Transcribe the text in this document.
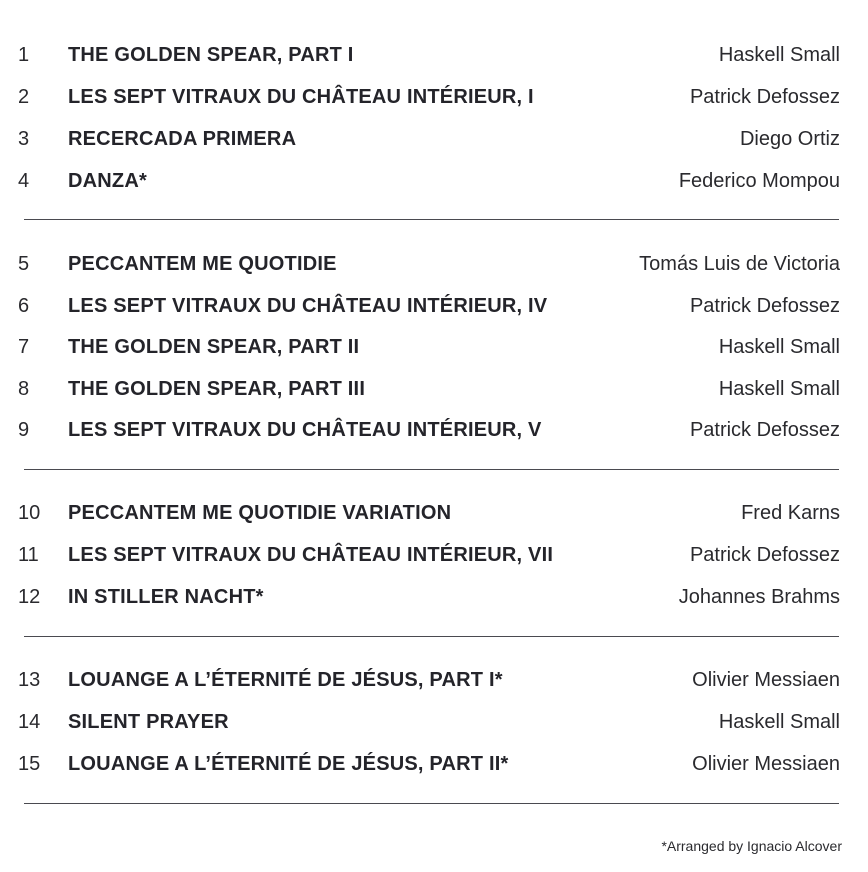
1	THE GOLDEN SPEAR, PART I	Haskell Small
2	LES SEPT VITRAUX DU CHÂTEAU INTÉRIEUR, I	Patrick Defossez
3	RECERCADA PRIMERA	Diego Ortiz
4	DANZA*	Federico Mompou
5	PECCANTEM ME QUOTIDIE	Tomás Luis de Victoria
6	LES SEPT VITRAUX DU CHÂTEAU INTÉRIEUR, IV	Patrick Defossez
7	THE GOLDEN SPEAR, PART II	Haskell Small
8	THE GOLDEN SPEAR, PART III	Haskell Small
9	LES SEPT VITRAUX DU CHÂTEAU INTÉRIEUR, V	Patrick Defossez
10	PECCANTEM ME QUOTIDIE VARIATION	Fred Karns
11	LES SEPT VITRAUX DU CHÂTEAU INTÉRIEUR, VII	Patrick Defossez
12	IN STILLER NACHT*	Johannes Brahms
13	LOUANGE A L’ÉTERNITÉ DE JÉSUS, PART I*	Olivier Messiaen
14	SILENT PRAYER	Haskell Small
15	LOUANGE A L’ÉTERNITÉ DE JÉSUS, PART II*	Olivier Messiaen
*Arranged by Ignacio Alcover
